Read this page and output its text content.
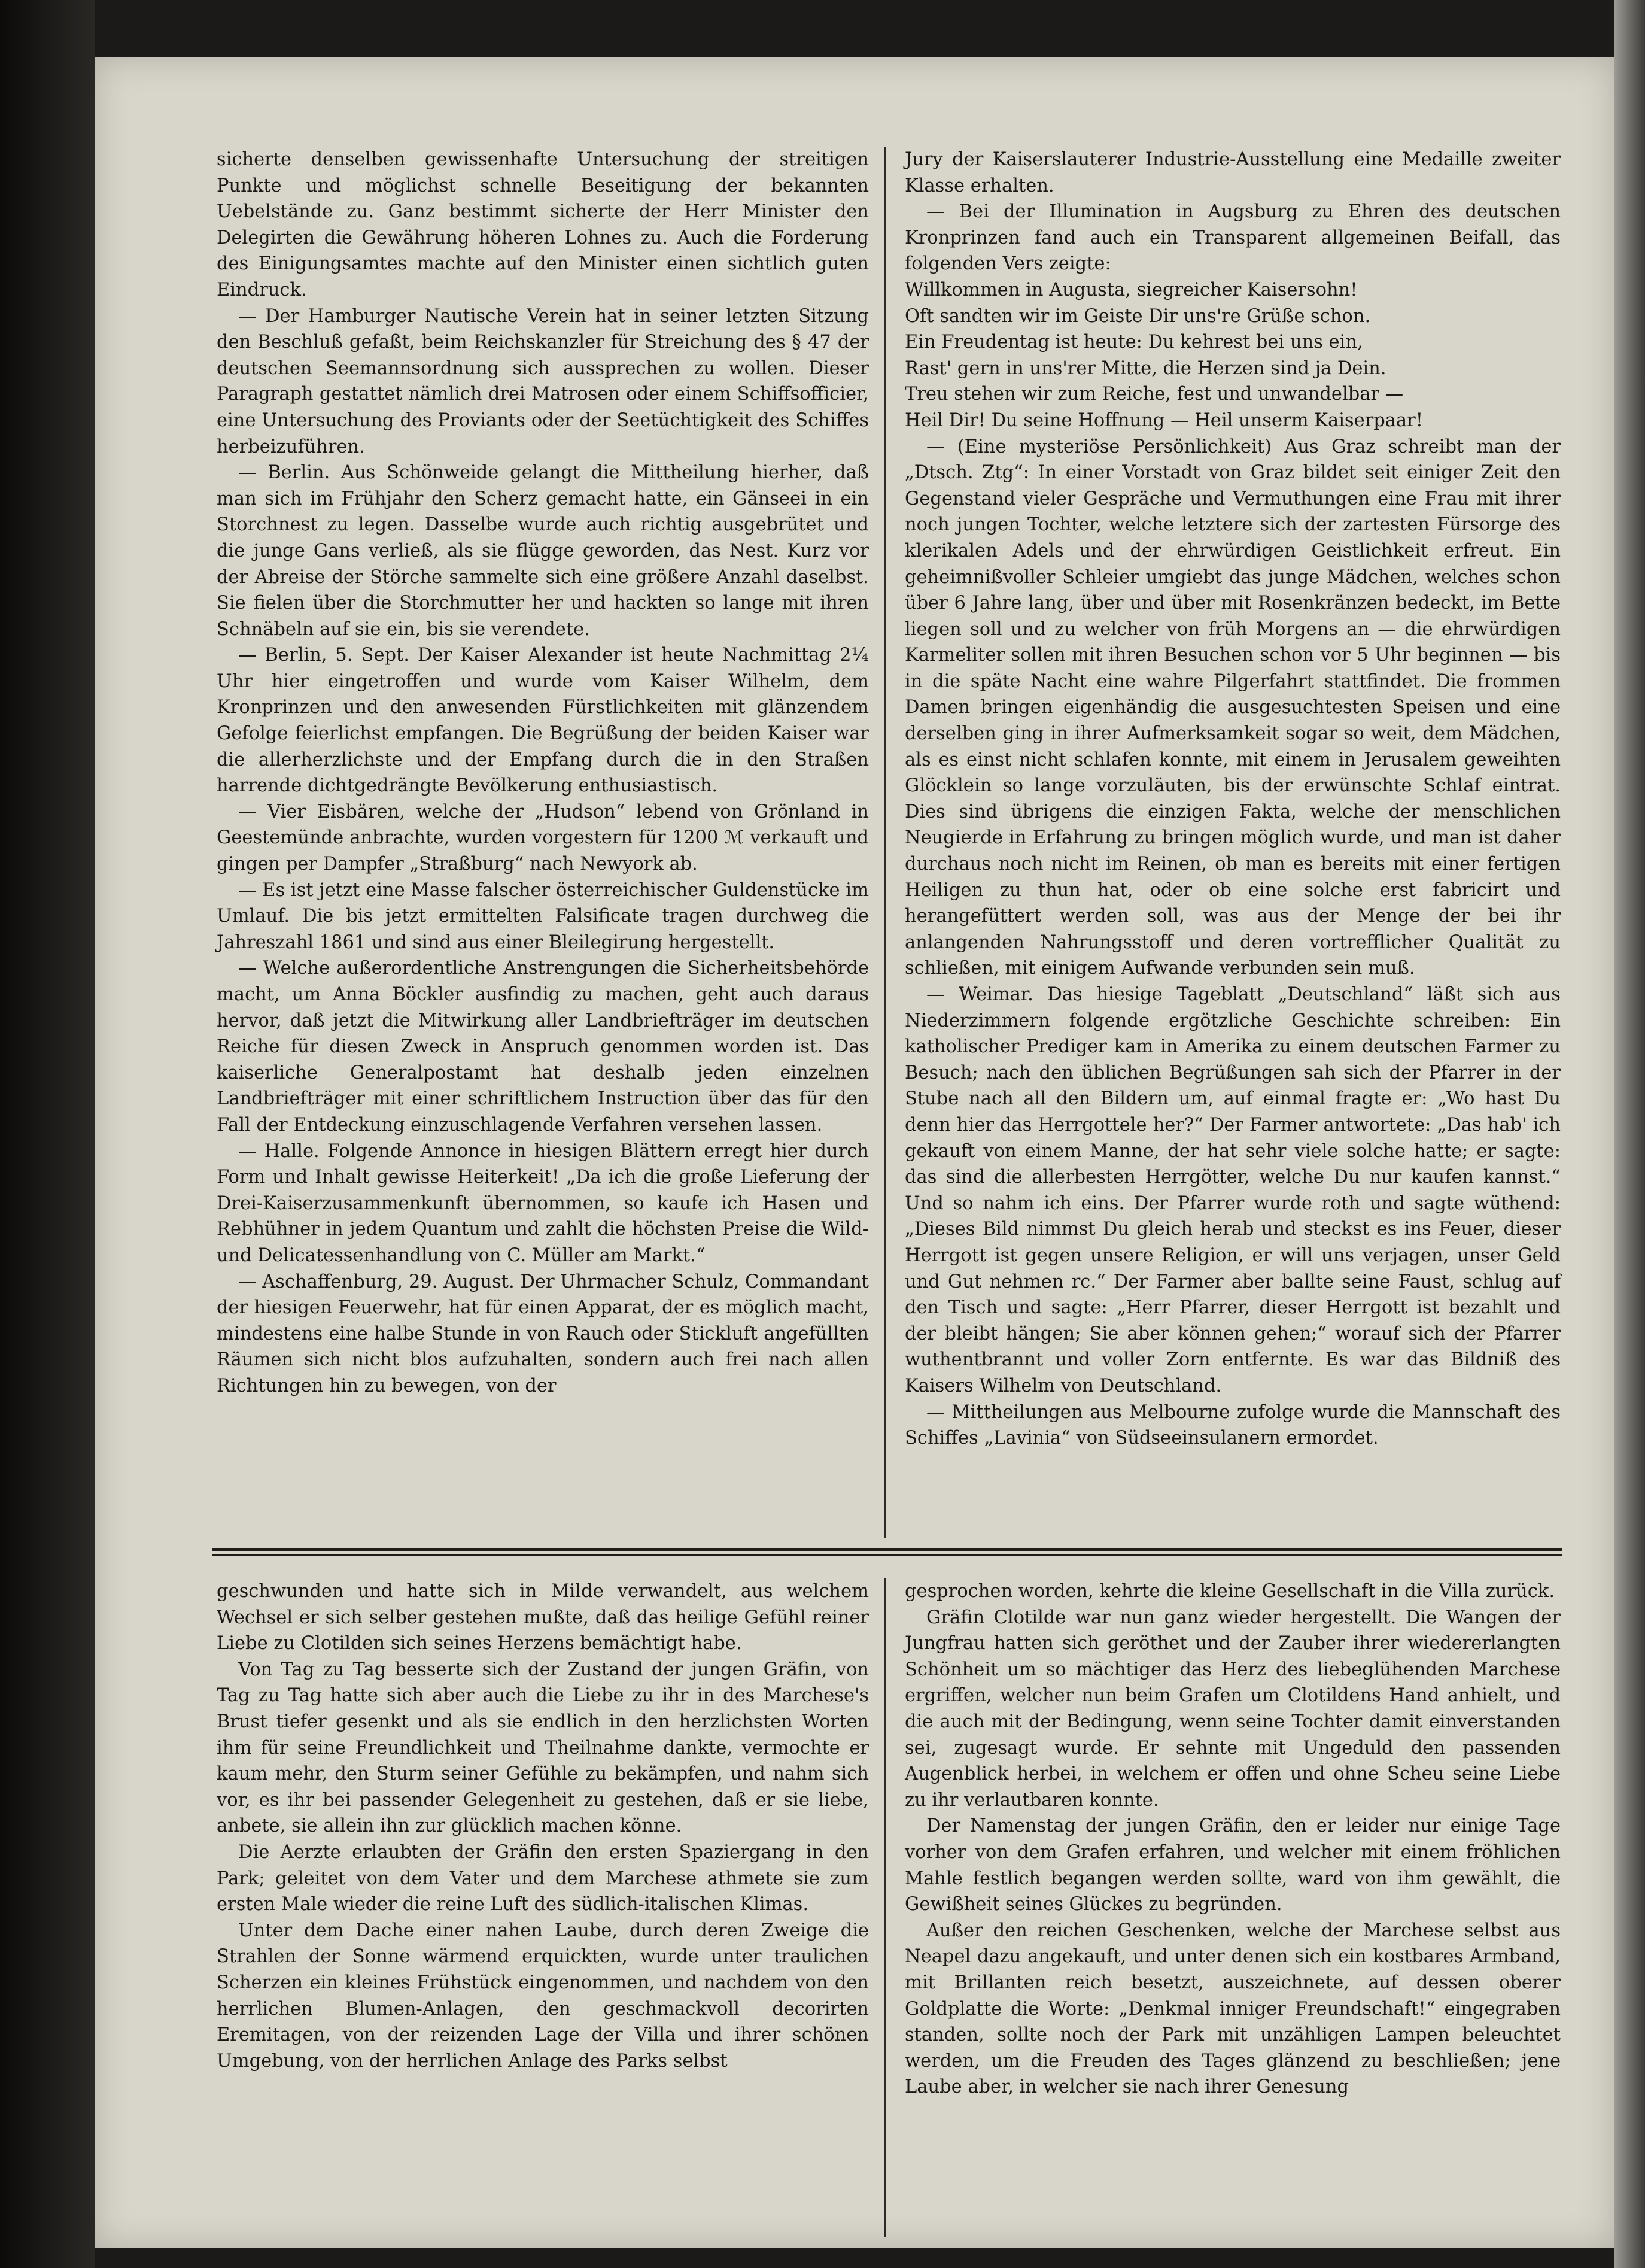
sicherte denselben gewissenhafte Untersuchung der streitigen Punkte und möglichst schnelle Beseitigung der bekannten Uebelstände zu. Ganz bestimmt sicherte der Herr Minister den Delegirten die Gewährung höheren Lohnes zu. Auch die Forderung des Einigungsamtes machte auf den Minister einen sichtlich guten Eindruck.

— Der Hamburger Nautische Verein hat in seiner letzten Sitzung den Beschluß gefaßt, beim Reichskanzler für Streichung des § 47 der deutschen Seemannsordnung sich aussprechen zu wollen. Dieser Paragraph gestattet nämlich drei Matrosen oder einem Schiffsofficier, eine Untersuchung des Proviants oder der Seetüchtigkeit des Schiffes herbeizuführen.

— Berlin. Aus Schönweide gelangt die Mittheilung hierher, daß man sich im Frühjahr den Scherz gemacht hatte, ein Gänseei in ein Storchnest zu legen. Dasselbe wurde auch richtig ausgebrütet und die junge Gans verließ, als sie flügge geworden, das Nest. Kurz vor der Abreise der Störche sammelte sich eine größere Anzahl daselbst. Sie fielen über die Storchmutter her und hackten so lange mit ihren Schnäbeln auf sie ein, bis sie verendete.

— Berlin, 5. Sept. Der Kaiser Alexander ist heute Nachmittag 2¼ Uhr hier eingetroffen und wurde vom Kaiser Wilhelm, dem Kronprinzen und den anwesenden Fürstlichkeiten mit glänzendem Gefolge feierlichst empfangen. Die Begrüßung der beiden Kaiser war die allerherzlichste und der Empfang durch die in den Straßen harrende dichtgedrängte Bevölkerung enthusiastisch.

— Vier Eisbären, welche der „Hudson“ lebend von Grönland in Geestemünde anbrachte, wurden vorgestern für 1200 ℳ verkauft und gingen per Dampfer „Straßburg“ nach Newyork ab.

— Es ist jetzt eine Masse falscher österreichischer Guldenstücke im Umlauf. Die bis jetzt ermittelten Falsificate tragen durchweg die Jahreszahl 1861 und sind aus einer Bleilegirung hergestellt.

— Welche außerordentliche Anstrengungen die Sicherheitsbehörde macht, um Anna Böckler ausfindig zu machen, geht auch daraus hervor, daß jetzt die Mitwirkung aller Landbriefträger im deutschen Reiche für diesen Zweck in Anspruch genommen worden ist. Das kaiserliche Generalpostamt hat deshalb jeden einzelnen Landbriefträger mit einer schriftlichem Instruction über das für den Fall der Entdeckung einzuschlagende Verfahren versehen lassen.

— Halle. Folgende Annonce in hiesigen Blättern erregt hier durch Form und Inhalt gewisse Heiterkeit! „Da ich die große Lieferung der Drei-Kaiserzusammenkunft übernommen, so kaufe ich Hasen und Rebhühner in jedem Quantum und zahlt die höchsten Preise die Wild- und Delicatessenhandlung von C. Müller am Markt.“

— Aschaffenburg, 29. August. Der Uhrmacher Schulz, Commandant der hiesigen Feuerwehr, hat für einen Apparat, der es möglich macht, mindestens eine halbe Stunde in von Rauch oder Stickluft angefüllten Räumen sich nicht blos aufzuhalten, sondern auch frei nach allen Richtungen hin zu bewegen, von der

Jury der Kaiserslauterer Industrie-Ausstellung eine Medaille zweiter Klasse erhalten.

— Bei der Illumination in Augsburg zu Ehren des deutschen Kronprinzen fand auch ein Transparent allgemeinen Beifall, das folgenden Vers zeigte:

Willkommen in Augusta, siegreicher Kaisersohn!

Oft sandten wir im Geiste Dir uns're Grüße schon.

Ein Freudentag ist heute: Du kehrest bei uns ein,

Rast' gern in uns'rer Mitte, die Herzen sind ja Dein.

Treu stehen wir zum Reiche, fest und unwandelbar —

Heil Dir! Du seine Hoffnung — Heil unserm Kaiserpaar!

— (Eine mysteriöse Persönlichkeit) Aus Graz schreibt man der „Dtsch. Ztg“: In einer Vorstadt von Graz bildet seit einiger Zeit den Gegenstand vieler Gespräche und Vermuthungen eine Frau mit ihrer noch jungen Tochter, welche letztere sich der zartesten Fürsorge des klerikalen Adels und der ehrwürdigen Geistlichkeit erfreut. Ein geheimnißvoller Schleier umgiebt das junge Mädchen, welches schon über 6 Jahre lang, über und über mit Rosenkränzen bedeckt, im Bette liegen soll und zu welcher von früh Morgens an — die ehrwürdigen Karmeliter sollen mit ihren Besuchen schon vor 5 Uhr beginnen — bis in die späte Nacht eine wahre Pilgerfahrt stattfindet. Die frommen Damen bringen eigenhändig die ausgesuchtesten Speisen und eine derselben ging in ihrer Aufmerksamkeit sogar so weit, dem Mädchen, als es einst nicht schlafen konnte, mit einem in Jerusalem geweihten Glöcklein so lange vorzuläuten, bis der erwünschte Schlaf eintrat. Dies sind übrigens die einzigen Fakta, welche der menschlichen Neugierde in Erfahrung zu bringen möglich wurde, und man ist daher durchaus noch nicht im Reinen, ob man es bereits mit einer fertigen Heiligen zu thun hat, oder ob eine solche erst fabricirt und herangefüttert werden soll, was aus der Menge der bei ihr anlangenden Nahrungsstoff und deren vortrefflicher Qualität zu schließen, mit einigem Aufwande verbunden sein muß.

— Weimar. Das hiesige Tageblatt „Deutschland“ läßt sich aus Niederzimmern folgende ergötzliche Geschichte schreiben: Ein katholischer Prediger kam in Amerika zu einem deutschen Farmer zu Besuch; nach den üblichen Begrüßungen sah sich der Pfarrer in der Stube nach all den Bildern um, auf einmal fragte er: „Wo hast Du denn hier das Herrgottele her?“ Der Farmer antwortete: „Das hab' ich gekauft von einem Manne, der hat sehr viele solche hatte; er sagte: das sind die allerbesten Herrgötter, welche Du nur kaufen kannst.“ Und so nahm ich eins. Der Pfarrer wurde roth und sagte wüthend: „Dieses Bild nimmst Du gleich herab und steckst es ins Feuer, dieser Herrgott ist gegen unsere Religion, er will uns verjagen, unser Geld und Gut nehmen rc.“ Der Farmer aber ballte seine Faust, schlug auf den Tisch und sagte: „Herr Pfarrer, dieser Herrgott ist bezahlt und der bleibt hängen; Sie aber können gehen;“ worauf sich der Pfarrer wuthentbrannt und voller Zorn entfernte. Es war das Bildniß des Kaisers Wilhelm von Deutschland.

— Mittheilungen aus Melbourne zufolge wurde die Mannschaft des Schiffes „Lavinia“ von Südseeinsulanern ermordet.

geschwunden und hatte sich in Milde verwandelt, aus welchem Wechsel er sich selber gestehen mußte, daß das heilige Gefühl reiner Liebe zu Clotilden sich seines Herzens bemächtigt habe.

Von Tag zu Tag besserte sich der Zustand der jungen Gräfin, von Tag zu Tag hatte sich aber auch die Liebe zu ihr in des Marchese's Brust tiefer gesenkt und als sie endlich in den herzlichsten Worten ihm für seine Freundlichkeit und Theilnahme dankte, vermochte er kaum mehr, den Sturm seiner Gefühle zu bekämpfen, und nahm sich vor, es ihr bei passender Gelegenheit zu gestehen, daß er sie liebe, anbete, sie allein ihn zur glücklich machen könne.

Die Aerzte erlaubten der Gräfin den ersten Spaziergang in den Park; geleitet von dem Vater und dem Marchese athmete sie zum ersten Male wieder die reine Luft des südlich-italischen Klimas.

Unter dem Dache einer nahen Laube, durch deren Zweige die Strahlen der Sonne wärmend erquickten, wurde unter traulichen Scherzen ein kleines Frühstück eingenommen, und nachdem von den herrlichen Blumen-Anlagen, den geschmackvoll decorirten Eremitagen, von der reizenden Lage der Villa und ihrer schönen Umgebung, von der herrlichen Anlage des Parks selbst

gesprochen worden, kehrte die kleine Gesellschaft in die Villa zurück.

Gräfin Clotilde war nun ganz wieder hergestellt. Die Wangen der Jungfrau hatten sich geröthet und der Zauber ihrer wiedererlangten Schönheit um so mächtiger das Herz des liebeglühenden Marchese ergriffen, welcher nun beim Grafen um Clotildens Hand anhielt, und die auch mit der Bedingung, wenn seine Tochter damit einverstanden sei, zugesagt wurde. Er sehnte mit Ungeduld den passenden Augenblick herbei, in welchem er offen und ohne Scheu seine Liebe zu ihr verlautbaren konnte.

Der Namenstag der jungen Gräfin, den er leider nur einige Tage vorher von dem Grafen erfahren, und welcher mit einem fröhlichen Mahle festlich begangen werden sollte, ward von ihm gewählt, die Gewißheit seines Glückes zu begründen.

Außer den reichen Geschenken, welche der Marchese selbst aus Neapel dazu angekauft, und unter denen sich ein kostbares Armband, mit Brillanten reich besetzt, auszeichnete, auf dessen oberer Goldplatte die Worte: „Denkmal inniger Freundschaft!“ eingegraben standen, sollte noch der Park mit unzähligen Lampen beleuchtet werden, um die Freuden des Tages glänzend zu beschließen; jene Laube aber, in welcher sie nach ihrer Genesung
